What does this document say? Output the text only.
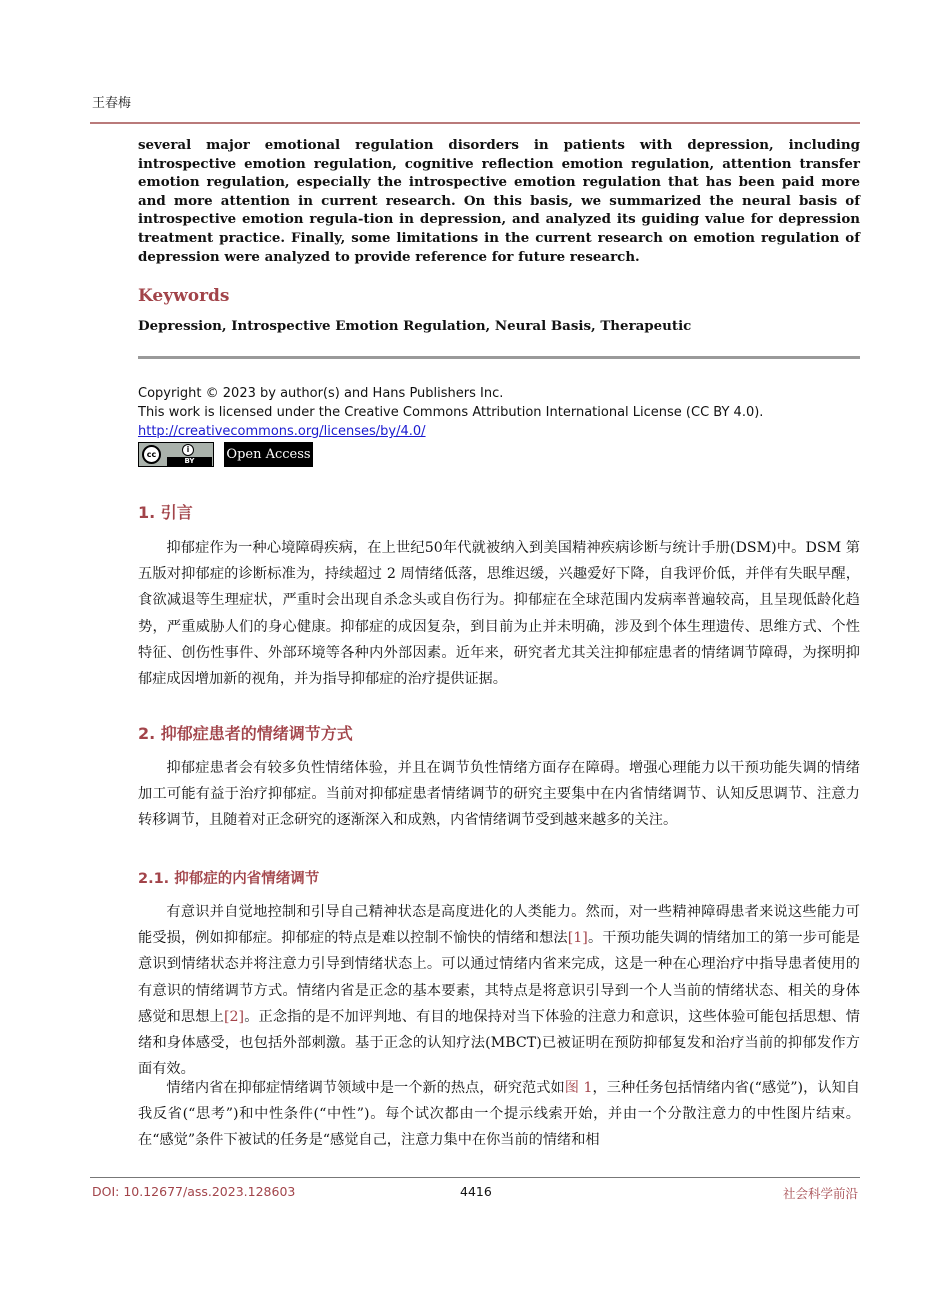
王春梅

several major emotional regulation disorders in patients with depression, including introspective emotion regulation, cognitive reflection emotion regulation, attention transfer emotion regulation, especially the introspective emotion regulation that has been paid more and more attention in current research. On this basis, we summarized the neural basis of introspective emotion regula-tion in depression, and analyzed its guiding value for depression treatment practice. Finally, some limitations in the current research on emotion regulation of depression were analyzed to provide reference for future research.

Keywords

Depression, Introspective Emotion Regulation, Neural Basis, Therapeutic

Copyright © 2023 by author(s) and Hans Publishers Inc.
This work is licensed under the Creative Commons Attribution International License (CC BY 4.0).
http://creativecommons.org/licenses/by/4.0/
cc
i
BY	Open Access
1. 引言

抑郁症作为一种心境障碍疾病，在上世纪50年代就被纳入到美国精神疾病诊断与统计手册(DSM)中。DSM 第五版对抑郁症的诊断标准为，持续超过 2 周情绪低落，思维迟缓，兴趣爱好下降，自我评价低，并伴有失眠早醒，食欲减退等生理症状，严重时会出现自杀念头或自伤行为。抑郁症在全球范围内发病率普遍较高，且呈现低龄化趋势，严重威胁人们的身心健康。抑郁症的成因复杂，到目前为止并未明确，涉及到个体生理遗传、思维方式、个性特征、创伤性事件、外部环境等各种内外部因素。近年来，研究者尤其关注抑郁症患者的情绪调节障碍，为探明抑郁症成因增加新的视角，并为指导抑郁症的治疗提供证据。

2. 抑郁症患者的情绪调节方式

抑郁症患者会有较多负性情绪体验，并且在调节负性情绪方面存在障碍。增强心理能力以干预功能失调的情绪加工可能有益于治疗抑郁症。当前对抑郁症患者情绪调节的研究主要集中在内省情绪调节、认知反思调节、注意力转移调节，且随着对正念研究的逐渐深入和成熟，内省情绪调节受到越来越多的关注。

2.1. 抑郁症的内省情绪调节

有意识并自觉地控制和引导自己精神状态是高度进化的人类能力。然而，对一些精神障碍患者来说这些能力可能受损，例如抑郁症。抑郁症的特点是难以控制不愉快的情绪和想法[1]。干预功能失调的情绪加工的第一步可能是意识到情绪状态并将注意力引导到情绪状态上。可以通过情绪内省来完成，这是一种在心理治疗中指导患者使用的有意识的情绪调节方式。情绪内省是正念的基本要素，其特点是将意识引导到一个人当前的情绪状态、相关的身体感觉和思想上[2]。正念指的是不加评判地、有目的地保持对当下体验的注意力和意识，这些体验可能包括思想、情绪和身体感受，也包括外部刺激。基于正念的认知疗法(MBCT)已被证明在预防抑郁复发和治疗当前的抑郁发作方面有效。

情绪内省在抑郁症情绪调节领域中是一个新的热点，研究范式如图 1，三种任务包括情绪内省(“感觉”)，认知自我反省(“思考”)和中性条件(“中性”)。每个试次都由一个提示线索开始，并由一个分散注意力的中性图片结束。在“感觉”条件下被试的任务是“感觉自己，注意力集中在你当前的情绪和相

DOI: 10.12677/ass.2023.128603	4416	社会科学前沿
